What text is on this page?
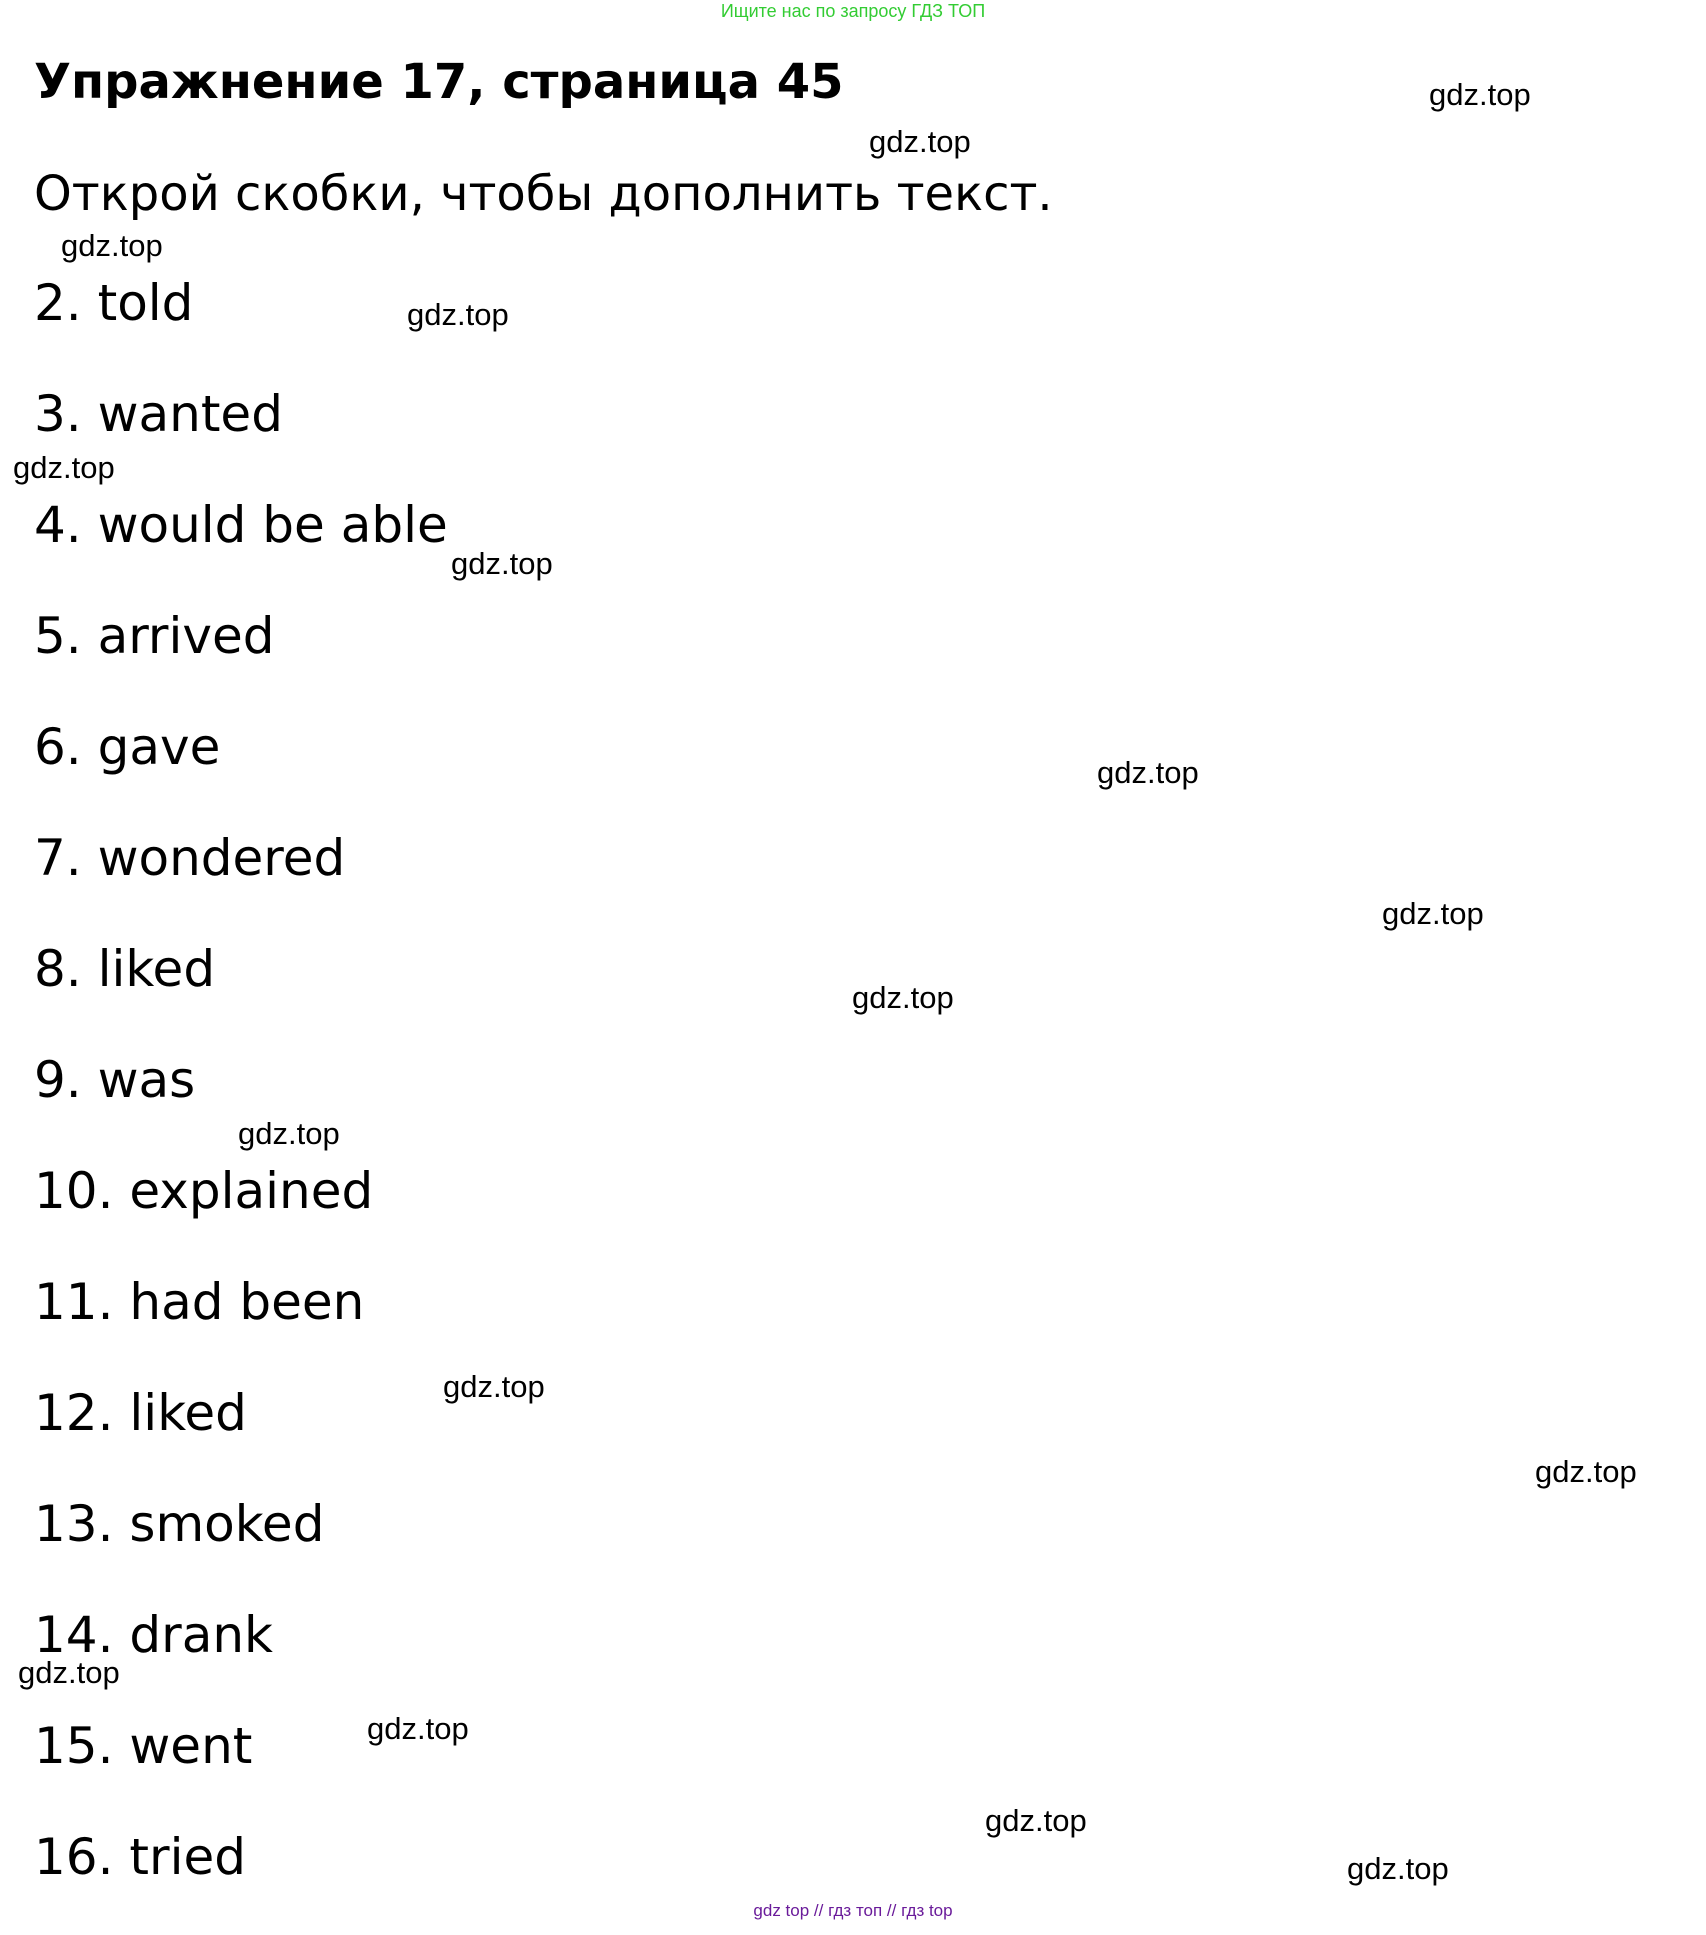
Ищите нас по запросу ГДЗ ТОП
Упражнение 17, страница 45

Открой скобки, чтобы дополнить текст.

2. told
3. wanted
4. would be able
5. arrived
6. gave
7. wondered
8. liked
9. was
10. explained
11. had been
12. liked
13. smoked
14. drank
15. went
16. tried
gdz.top
gdz.top
gdz.top
gdz.top
gdz.top
gdz.top
gdz.top
gdz.top
gdz.top
gdz.top
gdz.top
gdz.top
gdz.top
gdz.top
gdz.top
gdz.top
gdz top // гдз топ // гдз top
